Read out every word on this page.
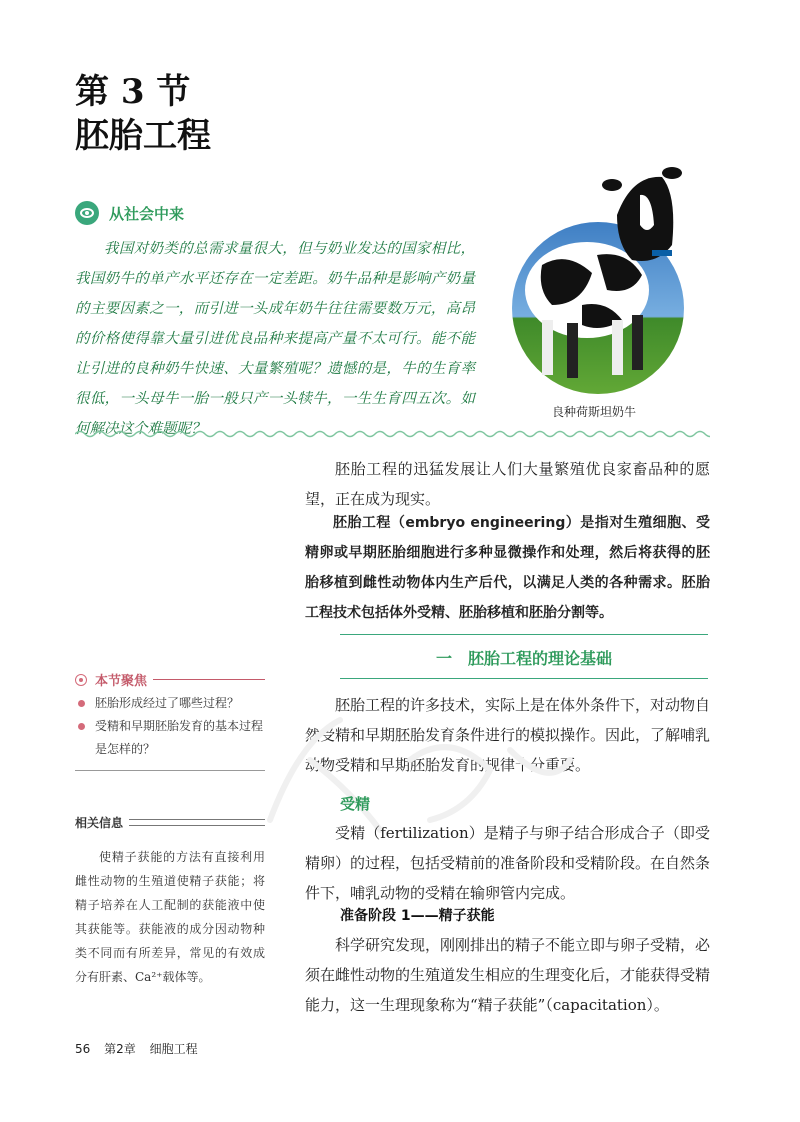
第 3 节
胚胎工程
从社会中来

我国对奶类的总需求量很大，但与奶业发达的国家相比，我国奶牛的单产水平还存在一定差距。奶牛品种是影响产奶量的主要因素之一，而引进一头成年奶牛往往需要数万元，高昂的价格使得靠大量引进优良品种来提高产量不太可行。能不能让引进的良种奶牛快速、大量繁殖呢？遗憾的是，牛的生育率很低，一头母牛一胎一般只产一头犊牛，一生生育四五次。如何解决这个难题呢？

良种荷斯坦奶牛

胚胎工程的迅猛发展让人们大量繁殖优良家畜品种的愿望，正在成为现实。

胚胎工程（embryo engineering）是指对生殖细胞、受精卵或早期胚胎细胞进行多种显微操作和处理，然后将获得的胚胎移植到雌性动物体内生产后代，以满足人类的各种需求。胚胎工程技术包括体外受精、胚胎移植和胚胎分割等。

一　胚胎工程的理论基础

胚胎工程的许多技术，实际上是在体外条件下，对动物自然受精和早期胚胎发育条件进行的模拟操作。因此，了解哺乳动物受精和早期胚胎发育的规律十分重要。

受精

受精（fertilization）是精子与卵子结合形成合子（即受精卵）的过程，包括受精前的准备阶段和受精阶段。在自然条件下，哺乳动物的受精在输卵管内完成。

准备阶段 1——精子获能

科学研究发现，刚刚排出的精子不能立即与卵子受精，必须在雌性动物的生殖道发生相应的生理变化后，才能获得受精能力，这一生理现象称为“精子获能”（capacitation）。

本节聚焦
胚胎形成经过了哪些过程？
受精和早期胚胎发育的基本过程是怎样的？
相关信息

使精子获能的方法有直接利用雌性动物的生殖道使精子获能；将精子培养在人工配制的获能液中使其获能等。获能液的成分因动物种类不同而有所差异，常见的有效成分有肝素、Ca²⁺载体等。

56 第2章 细胞工程
